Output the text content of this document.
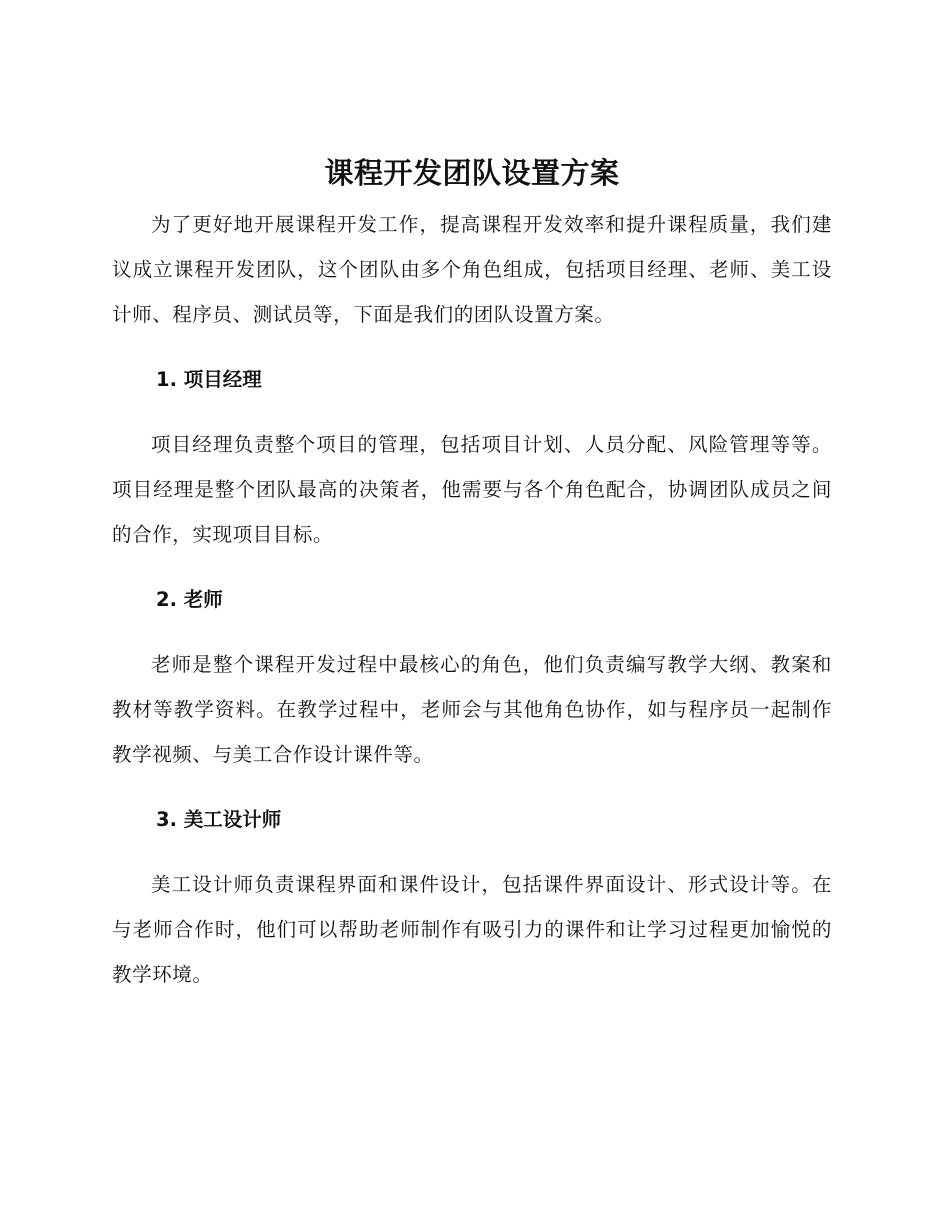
课程开发团队设置方案

为了更好地开展课程开发工作，提高课程开发效率和提升课程质量，我们建议成立课程开发团队，这个团队由多个角色组成，包括项目经理、老师、美工设计师、程序员、测试员等，下面是我们的团队设置方案。

1. 项目经理

项目经理负责整个项目的管理，包括项目计划、人员分配、风险管理等等。项目经理是整个团队最高的决策者，他需要与各个角色配合，协调团队成员之间的合作，实现项目目标。

2. 老师

老师是整个课程开发过程中最核心的角色，他们负责编写教学大纲、教案和教材等教学资料。在教学过程中，老师会与其他角色协作，如与程序员一起制作教学视频、与美工合作设计课件等。

3. 美工设计师

美工设计师负责课程界面和课件设计，包括课件界面设计、形式设计等。在与老师合作时，他们可以帮助老师制作有吸引力的课件和让学习过程更加愉悦的教学环境。
